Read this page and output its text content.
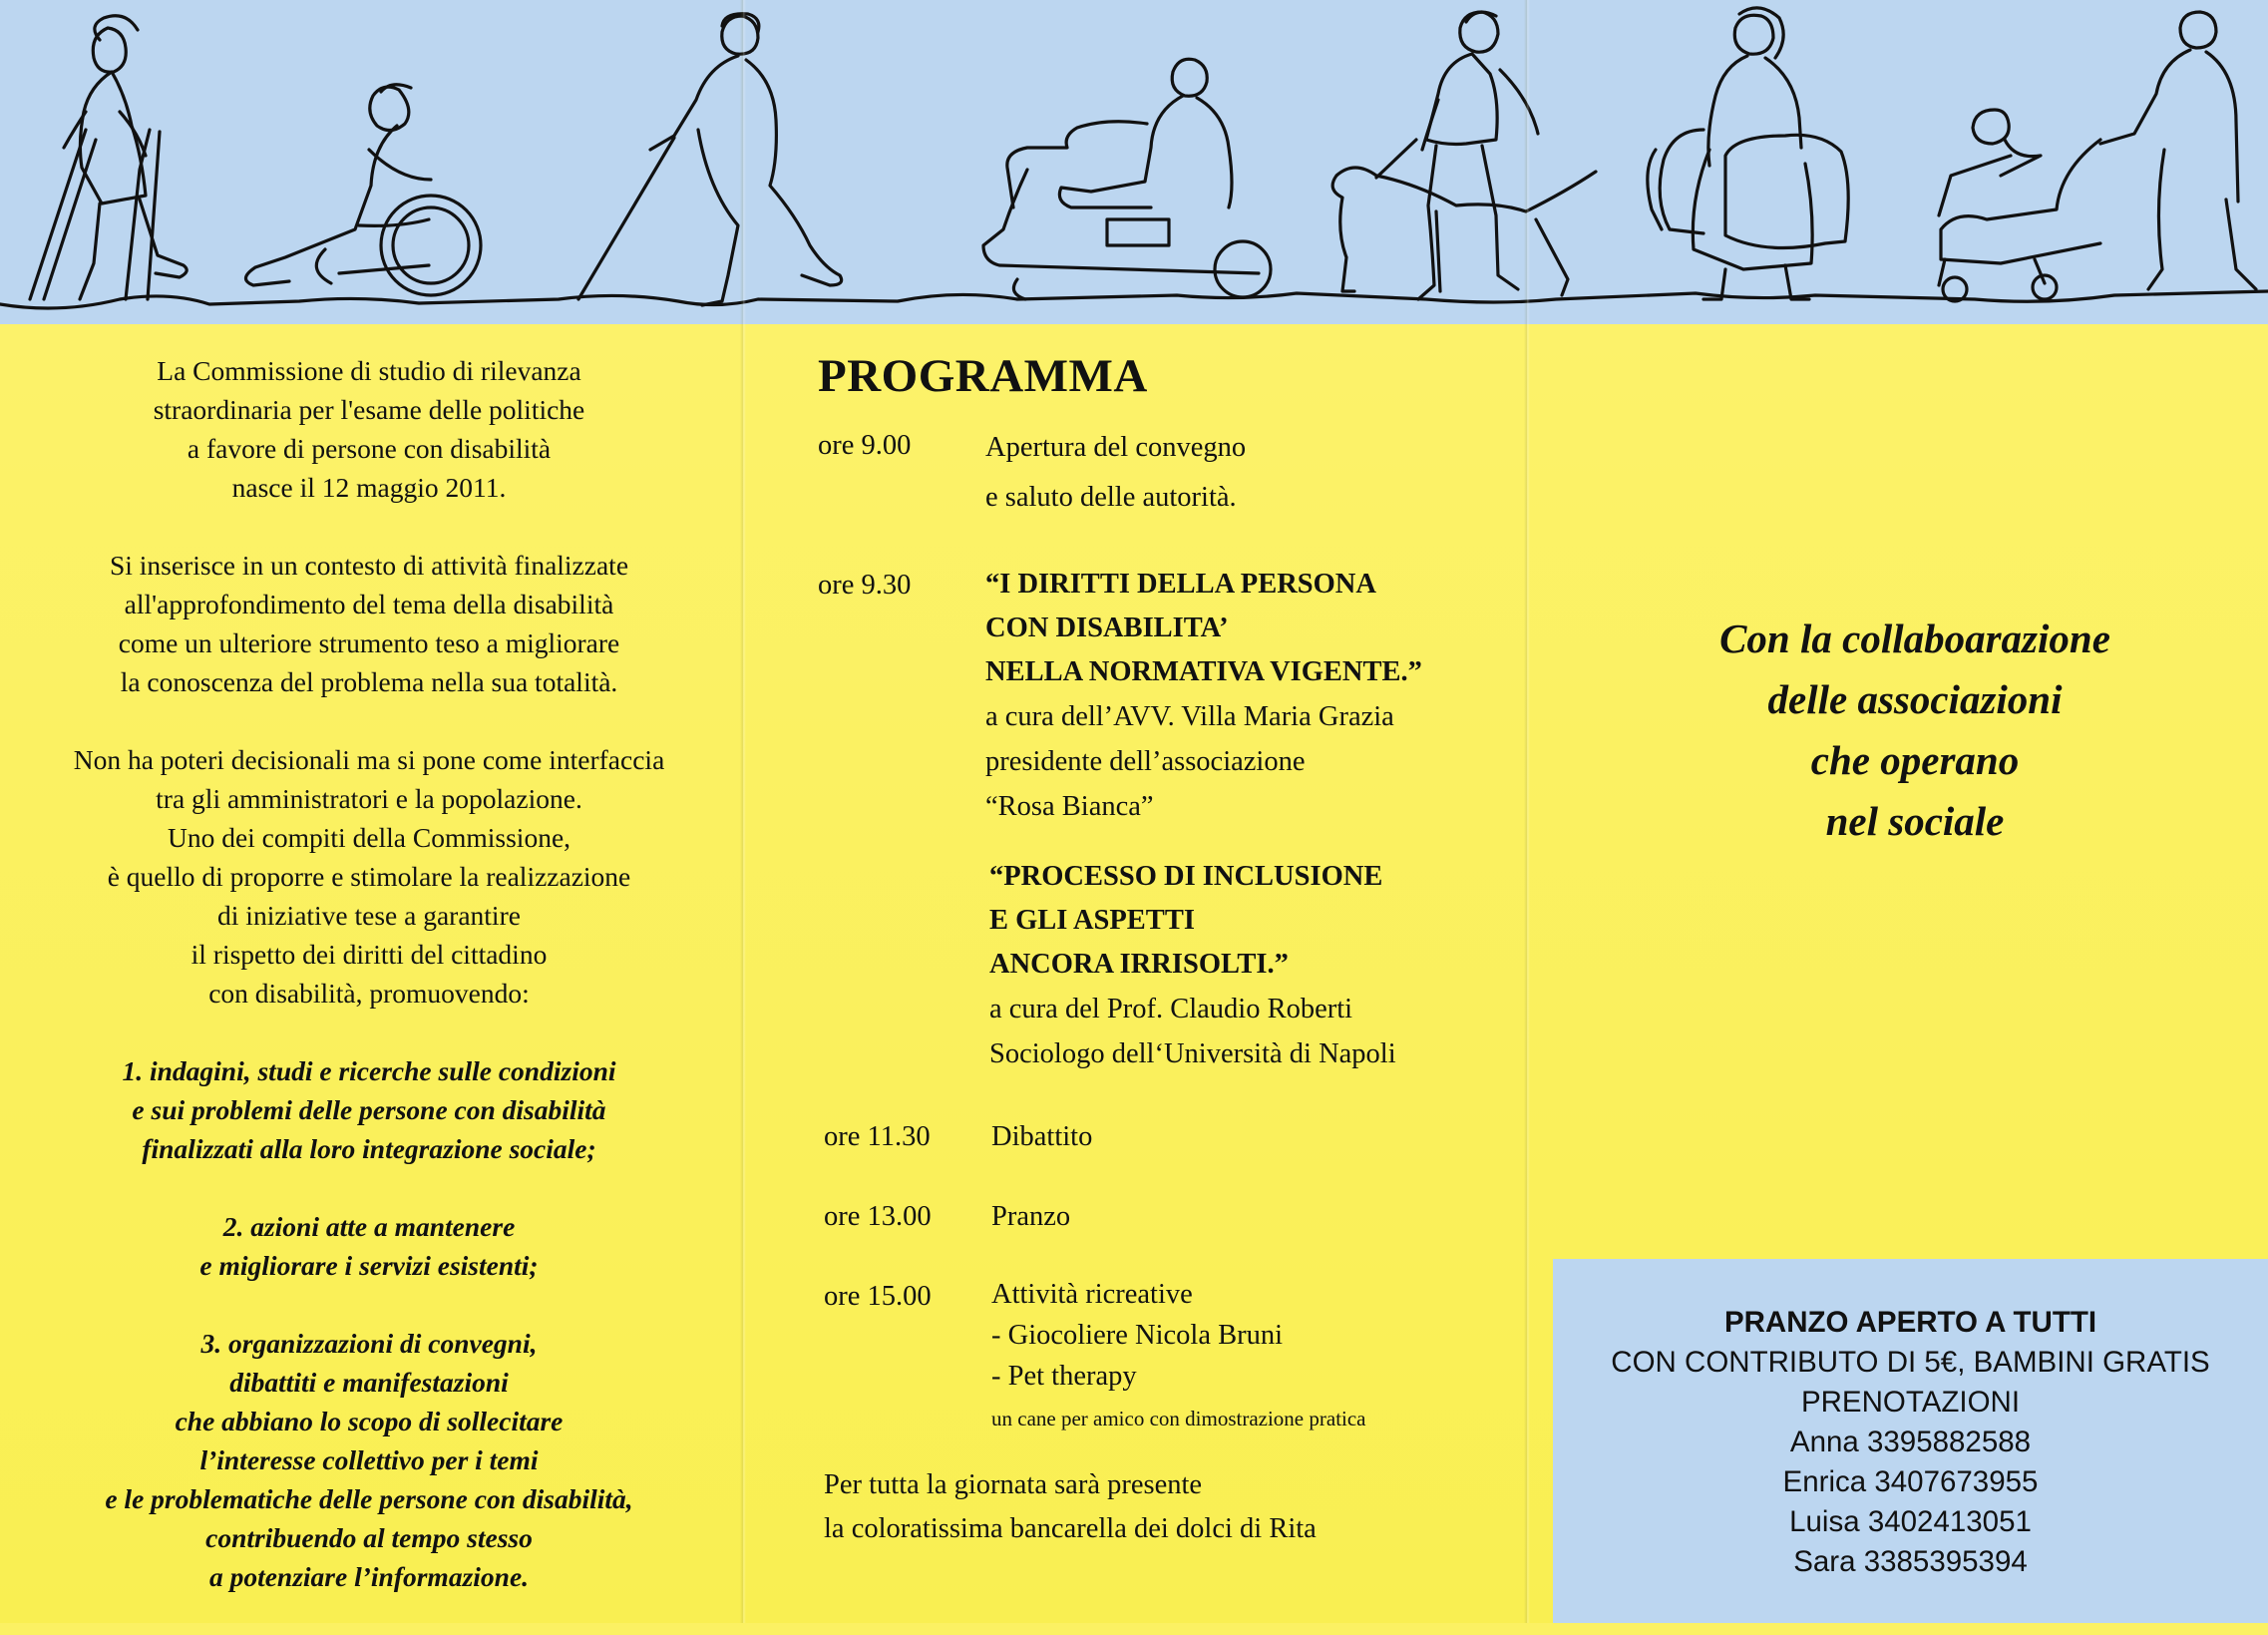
La Commissione di studio di rilevanza
straordinaria per l'esame delle politiche
a favore di persone con disabilità
nasce il 12 maggio 2011.

Si inserisce in un contesto di attività finalizzate
all'approfondimento del tema della disabilità
come un ulteriore strumento teso a migliorare
la conoscenza del problema nella sua totalità.

Non ha poteri decisionali ma si pone come interfaccia
tra gli amministratori e la popolazione.
Uno dei compiti della Commissione,
è quello di proporre e stimolare la realizzazione
di iniziative tese a garantire
il rispetto dei diritti del cittadino
con disabilità, promuovendo:

1. indagini, studi e ricerche sulle condizioni
e sui problemi delle persone con disabilità
finalizzati alla loro integrazione sociale;

2. azioni atte a mantenere
e migliorare i servizi esistenti;

3. organizzazioni di convegni,
dibattiti e manifestazioni
che abbiano lo scopo di sollecitare
l’interesse collettivo per i temi
e le problematiche delle persone con disabilità,
contribuendo al tempo stesso
a potenziare l’informazione.

PROGRAMMA
ore 9.00	Apertura del convegno
e saluto delle autorità.
ore 9.30	“I DIRITTI DELLA PERSONA
CON DISABILITA’
NELLA NORMATIVA VIGENTE.”
a cura dell’AVV. Villa Maria Grazia
presidente dell’associazione
“Rosa Bianca”
“PROCESSO DI INCLUSIONE
E GLI ASPETTI
ANCORA IRRISOLTI.”
a cura del Prof. Claudio Roberti
Sociologo dell‘Università di Napoli
ore 11.30	Dibattito
ore 13.00	Pranzo
ore 15.00	Attività ricreative
- Giocoliere Nicola Bruni
- Pet therapy
un cane per amico con dimostrazione pratica
Per tutta la giornata sarà presente
la coloratissima bancarella dei dolci di Rita
Con la collaboarazione
delle associazioni
che operano
nel sociale
PRANZO APERTO A TUTTI
CON CONTRIBUTO DI 5€, BAMBINI GRATIS
PRENOTAZIONI
Anna 3395882588
Enrica 3407673955
Luisa 3402413051
Sara 3385395394
